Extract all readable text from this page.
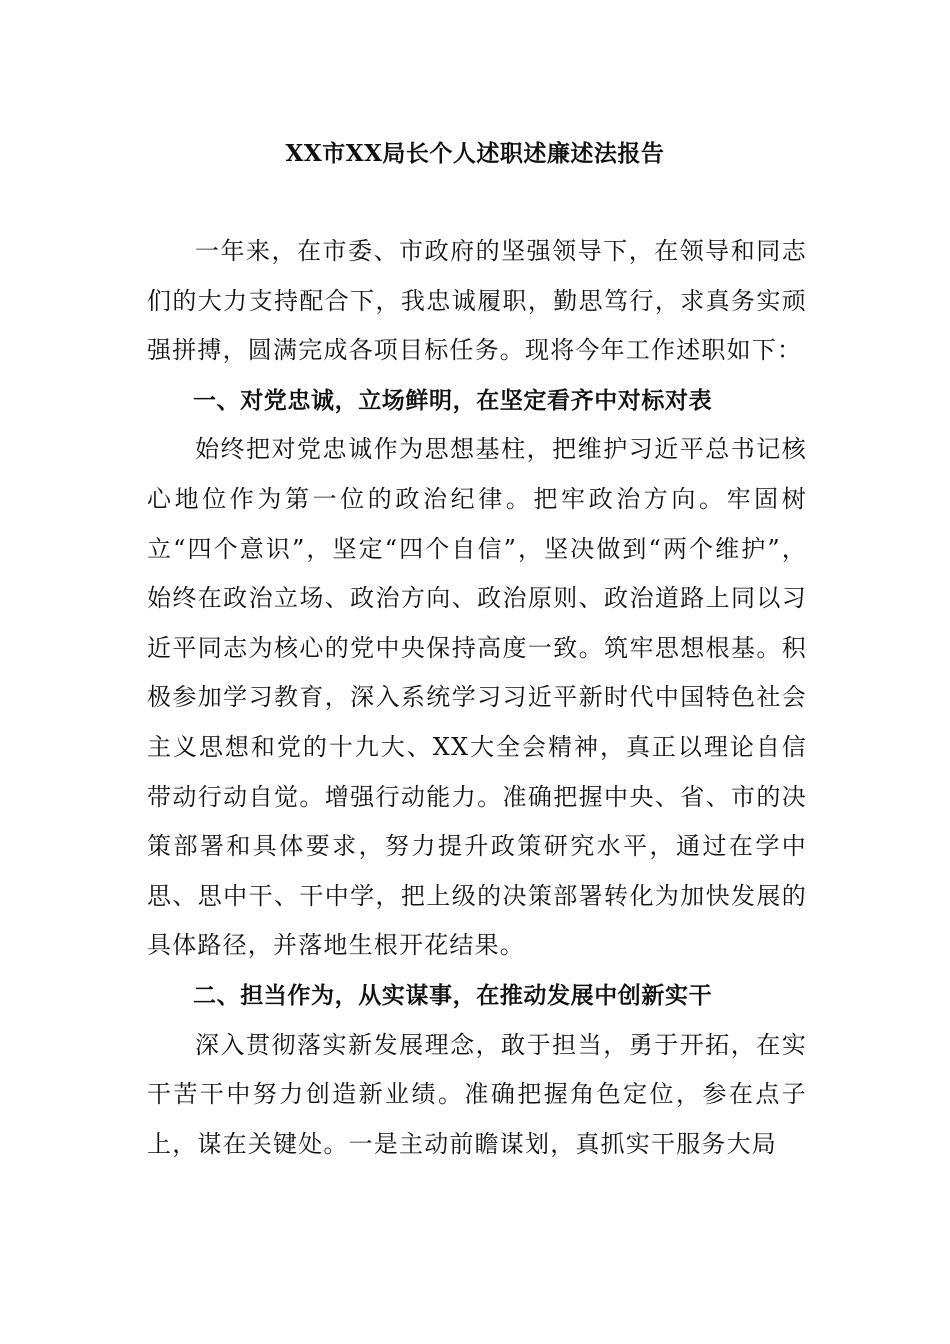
XX市XX局长个人述职述廉述法报告

一年来，在市委、市政府的坚强领导下，在领导和同志们的大力支持配合下，我忠诚履职，勤思笃行，求真务实顽强拼搏，圆满完成各项目标任务。现将今年工作述职如下：

一、对党忠诚，立场鲜明，在坚定看齐中对标对表

始终把对党忠诚作为思想基柱，把维护习近平总书记核心地位作为第一位的政治纪律。把牢政治方向。牢固树立“四个意识”，坚定“四个自信”，坚决做到“两个维护”，始终在政治立场、政治方向、政治原则、政治道路上同以习近平同志为核心的党中央保持高度一致。筑牢思想根基。积极参加学习教育，深入系统学习习近平新时代中国特色社会主义思想和党的十九大、XX大全会精神，真正以理论自信带动行动自觉。增强行动能力。准确把握中央、省、市的决策部署和具体要求，努力提升政策研究水平，通过在学中思、思中干、干中学，把上级的决策部署转化为加快发展的具体路径，并落地生根开花结果。

二、担当作为，从实谋事，在推动发展中创新实干

深入贯彻落实新发展理念，敢于担当，勇于开拓，在实干苦干中努力创造新业绩。准确把握角色定位，参在点子上，谋在关键处。一是主动前瞻谋划，真抓实干服务大局
